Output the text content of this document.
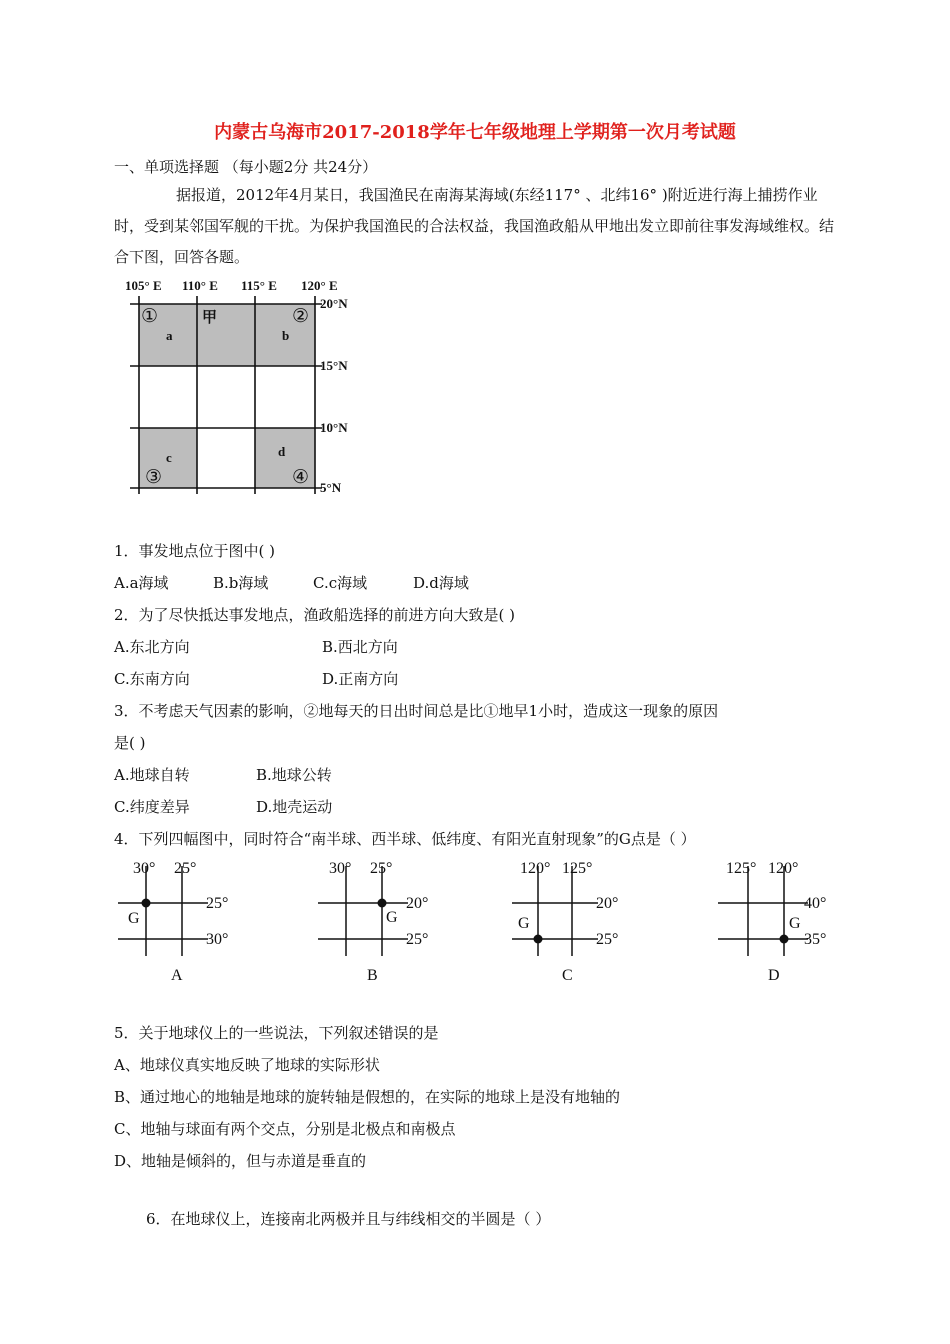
内蒙古乌海市2017-2018学年七年级地理上学期第一次月考试题
一、单项选择题 （每小题2分 共24分）
据报道，2012年4月某日，我国渔民在南海某海域(东经117° 、北纬16° )附近进行海上捕捞作业时，受到某邻国军舰的干扰。为保护我国渔民的合法权益，我国渔政船从甲地出发立即前往事发海域维权。结合下图，回答各题。
105° E 110° E 115° E 120° E
20°N
15°N
10°N
5°N
a	b
c	d
甲
①	②
③	④
1．事发地点位于图中( )
A.a海域	B.b海域	C.c海域	D.d海域
2．为了尽快抵达事发地点，渔政船选择的前进方向大致是( )
A.东北方向	B.西北方向
C.东南方向	D.正南方向
3．不考虑天气因素的影响，②地每天的日出时间总是比①地早1小时，造成这一现象的原因
是( )
A.地球自转	B.地球公转
C.纬度差异	D.地壳运动
4．下列四幅图中，同时符合“南半球、西半球、低纬度、有阳光直射现象”的G点是（ ）
30° 25°
25°
30°
G
A
30° 25°
20°
25°
G
B
120° 125°
20°
25°
G
C
125° 120°
40°
35°
G
D
5．关于地球仪上的一些说法，下列叙述错误的是
A、地球仪真实地反映了地球的实际形状
B、通过地心的地轴是地球的旋转轴是假想的，在实际的地球上是没有地轴的
C、地轴与球面有两个交点，分别是北极点和南极点
D、地轴是倾斜的，但与赤道是垂直的
6．在地球仪上，连接南北两极并且与纬线相交的半圆是（ ）
